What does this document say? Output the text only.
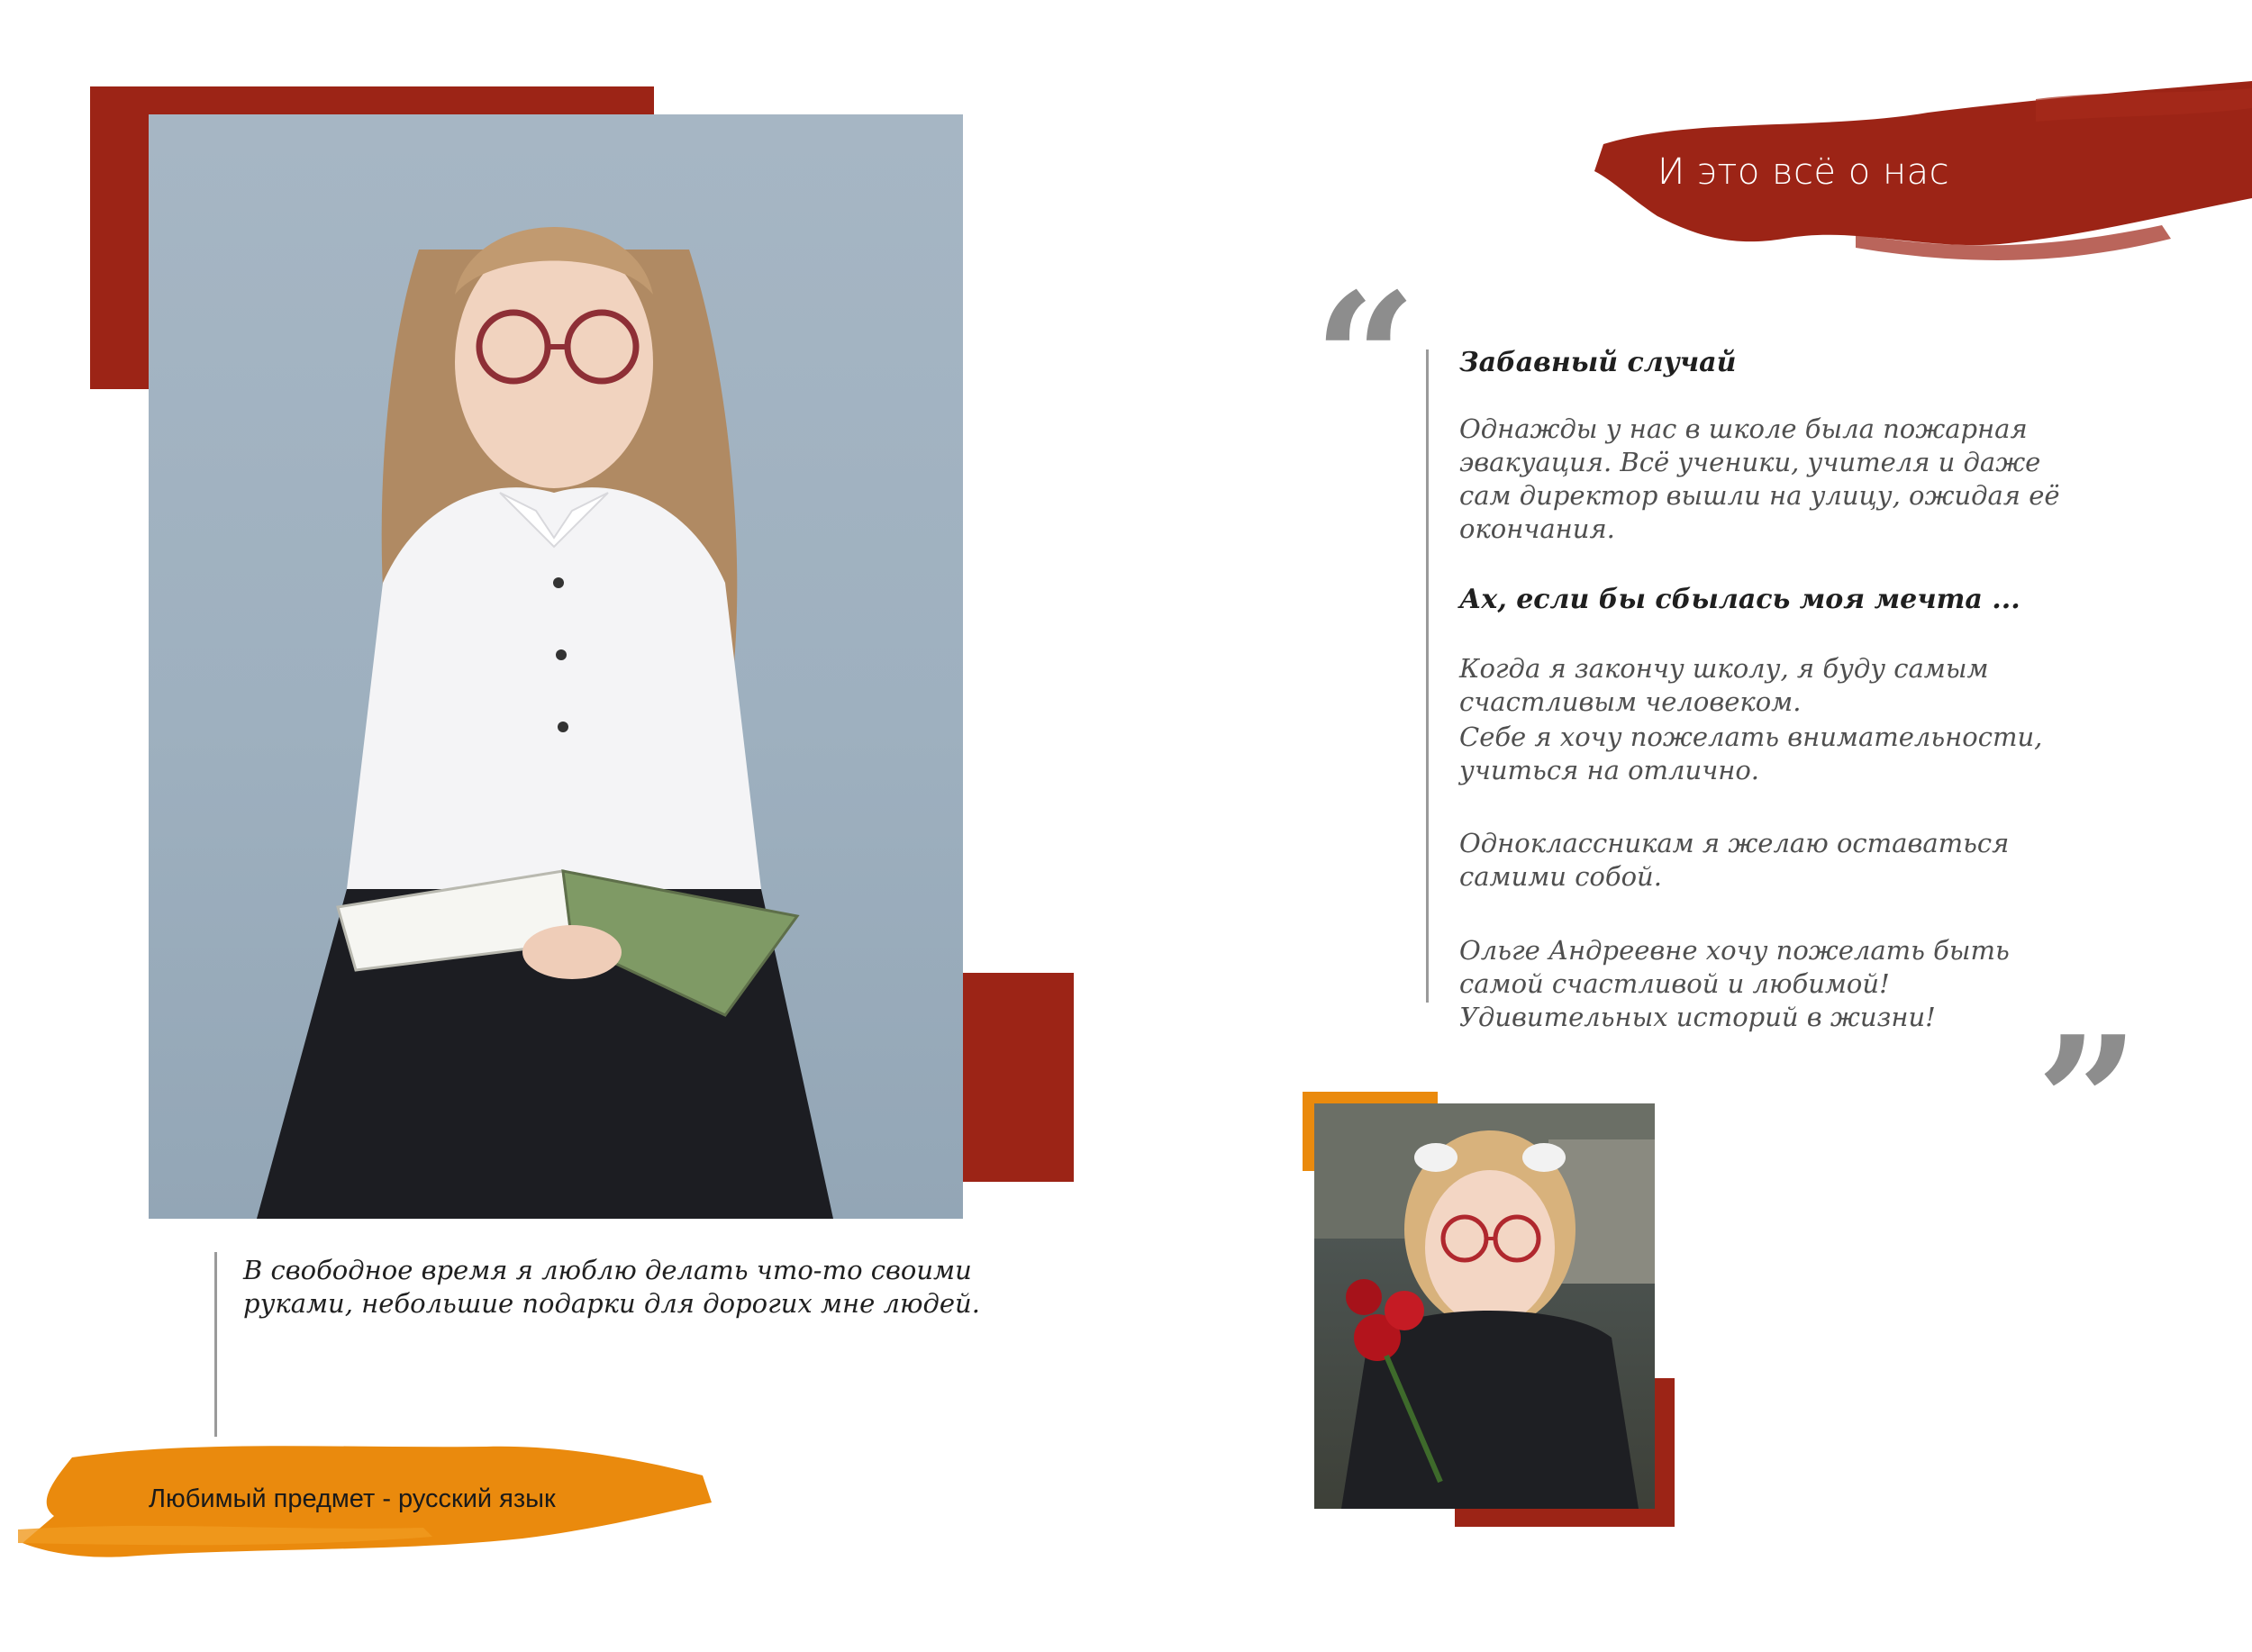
И это всё о нас
Любимый предмет - русский язык
В свободное время я люблю делать что-то своими руками, небольшие подарки для дорогих мне людей.
“ Забавный случай

Однажды у нас в школе была пожарная эвакуация. Всё ученики, учителя и даже сам директор вышли на улицу, ожидая её окончания.

Ах, если бы сбылась моя мечта ...

Когда я закончу школу, я буду самым счастливым человеком.

Себе я хочу пожелать внимательности, учиться на отлично.

Одноклассникам я желаю оставаться самими собой.

Ольге Андреевне хочу пожелать быть самой счастливой и любимой! Удивительных историй в жизни! ”
